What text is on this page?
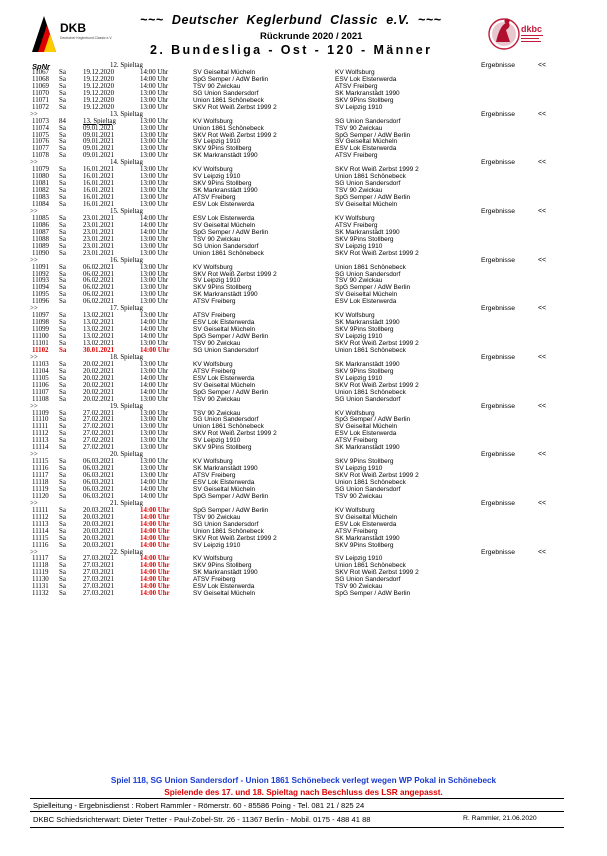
DKB
Deutscher Keglerbund Classic e.V.
dkbc
~~~  Deutscher  Keglerbund  Classic  e.V.  ~~~
Rückrunde 2020 / 2021
2. Bundesliga - Ost - 120 - Männer
SpNr	12. Spieltag	Ergebnisse	<<
11067 Sa 19.12.2020	14:00 Uhr	SV Geiseltal Mücheln	KV Wolfsburg
11068 Sa 19.12.2020	14:00 Uhr	SpG Semper / AdW Berlin	ESV Lok Elsterwerda
11069 Sa 19.12.2020	14:00 Uhr	TSV 90 Zwickau	ATSV Freiberg
11070 Sa 19.12.2020	13:00 Uhr	SG Union Sandersdorf	SK Markranstädt 1990
11071 Sa 19.12.2020	13:00 Uhr	Union 1861 Schönebeck	SKV 9Pins Stollberg
11072 Sa 19.12.2020	13:00 Uhr	SKV Rot Weiß Zerbst 1999 2	SV Leipzig 1910
>>	13. Spieltag	Ergebnisse	<<
11073 84 13. Spieltag	13:00 Uhr	KV Wolfsburg	SG Union Sandersdorf
11074 Sa 09.01.2021	13:00 Uhr	Union 1861 Schönebeck	TSV 90 Zwickau
11075 Sa 09.01.2021	13:00 Uhr	SKV Rot Weiß Zerbst 1999 2	SpG Semper / AdW Berlin
11076 Sa 09.01.2021	13:00 Uhr	SV Leipzig 1910	SV Geiseltal Mücheln
11077 Sa 09.01.2021	13:00 Uhr	SKV 9Pins Stollberg	ESV Lok Elsterwerda
11078 Sa 09.01.2021	13:00 Uhr	SK Markranstädt 1990	ATSV Freiberg
>>	14. Spieltag	Ergebnisse	<<
11079 Sa 16.01.2021	13:00 Uhr	KV Wolfsburg	SKV Rot Weiß Zerbst 1999 2
11080 Sa 16.01.2021	13:00 Uhr	SV Leipzig 1910	Union 1861 Schönebeck
11081 Sa 16.01.2021	13:00 Uhr	SKV 9Pins Stollberg	SG Union Sandersdorf
11082 Sa 16.01.2021	13:00 Uhr	SK Markranstädt 1990	TSV 90 Zwickau
11083 Sa 16.01.2021	13:00 Uhr	ATSV Freiberg	SpG Semper / AdW Berlin
11084 Sa 16.01.2021	13:00 Uhr	ESV Lok Elsterwerda	SV Geiseltal Mücheln
>>	15. Spieltag	Ergebnisse	<<
11085 Sa 23.01.2021	14:00 Uhr	ESV Lok Elsterwerda	KV Wolfsburg
11086 Sa 23.01.2021	14:00 Uhr	SV Geiseltal Mücheln	ATSV Freiberg
11087 Sa 23.01.2021	14:00 Uhr	SpG Semper / AdW Berlin	SK Markranstädt 1990
11088 Sa 23.01.2021	13:00 Uhr	TSV 90 Zwickau	SKV 9Pins Stollberg
11089 Sa 23.01.2021	13:00 Uhr	SG Union Sandersdorf	SV Leipzig 1910
11090 Sa 23.01.2021	13:00 Uhr	Union 1861 Schönebeck	SKV Rot Weiß Zerbst 1999 2
>>	16. Spieltag	Ergebnisse	<<
11091 Sa 06.02.2021	13:00 Uhr	KV Wolfsburg	Union 1861 Schönebeck
11092 Sa 06.02.2021	13:00 Uhr	SKV Rot Weiß Zerbst 1999 2	SG Union Sandersdorf
11093 Sa 06.02.2021	13:00 Uhr	SV Leipzig 1910	TSV 90 Zwickau
11094 Sa 06.02.2021	13:00 Uhr	SKV 9Pins Stollberg	SpG Semper / AdW Berlin
11095 Sa 06.02.2021	13:00 Uhr	SK Markranstädt 1990	SV Geiseltal Mücheln
11096 Sa 06.02.2021	13:00 Uhr	ATSV Freiberg	ESV Lok Elsterwerda
>>	17. Spieltag	Ergebnisse	<<
11097 Sa 13.02.2021	13:00 Uhr	ATSV Freiberg	KV Wolfsburg
11098 Sa 13.02.2021	14:00 Uhr	ESV Lok Elsterwerda	SK Markranstädt 1990
11099 Sa 13.02.2021	14:00 Uhr	SV Geiseltal Mücheln	SKV 9Pins Stollberg
11100 Sa 13.02.2021	14:00 Uhr	SpG Semper / AdW Berlin	SV Leipzig 1910
11101 Sa 13.02.2021	13:00 Uhr	TSV 90 Zwickau	SKV Rot Weiß Zerbst 1999 2
11102 Sa 30.01.2021	14:00 Uhr	SG Union Sandersdorf	Union 1861 Schönebeck
>>	18. Spieltag	Ergebnisse	<<
11103 Sa 20.02.2021	13:00 Uhr	KV Wolfsburg	SK Markranstädt 1990
11104 Sa 20.02.2021	13:00 Uhr	ATSV Freiberg	SKV 9Pins Stollberg
11105 Sa 20.02.2021	14:00 Uhr	ESV Lok Elsterwerda	SV Leipzig 1910
11106 Sa 20.02.2021	14:00 Uhr	SV Geiseltal Mücheln	SKV Rot Weiß Zerbst 1999 2
11107 Sa 20.02.2021	14:00 Uhr	SpG Semper / AdW Berlin	Union 1861 Schönebeck
11108 Sa 20.02.2021	13:00 Uhr	TSV 90 Zwickau	SG Union Sandersdorf
>>	19. Spieltag	Ergebnisse	<<
11109 Sa 27.02.2021	13:00 Uhr	TSV 90 Zwickau	KV Wolfsburg
11110 Sa 27.02.2021	13:00 Uhr	SG Union Sandersdorf	SpG Semper / AdW Berlin
11111 Sa 27.02.2021	13:00 Uhr	Union 1861 Schönebeck	SV Geiseltal Mücheln
11112 Sa 27.02.2021	13:00 Uhr	SKV Rot Weiß Zerbst 1999 2	ESV Lok Elsterwerda
11113 Sa 27.02.2021	13:00 Uhr	SV Leipzig 1910	ATSV Freiberg
11114 Sa 27.02.2021	13:00 Uhr	SKV 9Pins Stollberg	SK Markranstädt 1990
>>	20. Spieltag	Ergebnisse	<<
11115 Sa 06.03.2021	13:00 Uhr	KV Wolfsburg	SKV 9Pins Stollberg
11116 Sa 06.03.2021	13:00 Uhr	SK Markranstädt 1990	SV Leipzig 1910
11117 Sa 06.03.2021	13:00 Uhr	ATSV Freiberg	SKV Rot Weiß Zerbst 1999 2
11118 Sa 06.03.2021	14:00 Uhr	ESV Lok Elsterwerda	Union 1861 Schönebeck
11119 Sa 06.03.2021	14:00 Uhr	SV Geiseltal Mücheln	SG Union Sandersdorf
11120 Sa 06.03.2021	14:00 Uhr	SpG Semper / AdW Berlin	TSV 90 Zwickau
>>	21. Spieltag	Ergebnisse	<<
11111 Sa 20.03.2021	14:00 Uhr	SpG Semper / AdW Berlin	KV Wolfsburg
11112 Sa 20.03.2021	14:00 Uhr	TSV 90 Zwickau	SV Geiseltal Mücheln
11113 Sa 20.03.2021	14:00 Uhr	SG Union Sandersdorf	ESV Lok Elsterwerda
11114 Sa 20.03.2021	14:00 Uhr	Union 1861 Schönebeck	ATSV Freiberg
11115 Sa 20.03.2021	14:00 Uhr	SKV Rot Weiß Zerbst 1999 2	SK Markranstädt 1990
11116 Sa 20.03.2021	14:00 Uhr	SV Leipzig 1910	SKV 9Pins Stollberg
>>	22. Spieltag	Ergebnisse	<<
11117 Sa 27.03.2021	14:00 Uhr	KV Wolfsburg	SV Leipzig 1910
11118 Sa 27.03.2021	14:00 Uhr	SKV 9Pins Stollberg	Union 1861 Schönebeck
11119 Sa 27.03.2021	14:00 Uhr	SK Markranstädt 1990	SKV Rot Weiß Zerbst 1999 2
11130 Sa 27.03.2021	14:00 Uhr	ATSV Freiberg	SG Union Sandersdorf
11131 Sa 27.03.2021	14:00 Uhr	ESV Lok Elsterwerda	TSV 90 Zwickau
11132 Sa 27.03.2021	14:00 Uhr	SV Geiseltal Mücheln	SpG Semper / AdW Berlin
Spiel 118, SG Union Sandersdorf - Union 1861 Schönebeck verlegt wegen WP Pokal in Schönebeck
Spielende des 17. und 18. Spieltag nach Beschluss des LSR angepasst.
Spielleitung - Ergebnisdienst : Robert Rammler - Römerstr. 60 - 85586 Poing - Tel. 081 21 / 825 24
DKBC Schiedsrichterwart: Dieter Tretter - Paul-Zobel-Str. 26 - 11367 Berlin - Mobil. 0175 - 488 41 88	R. Rammler, 21.06.2020
